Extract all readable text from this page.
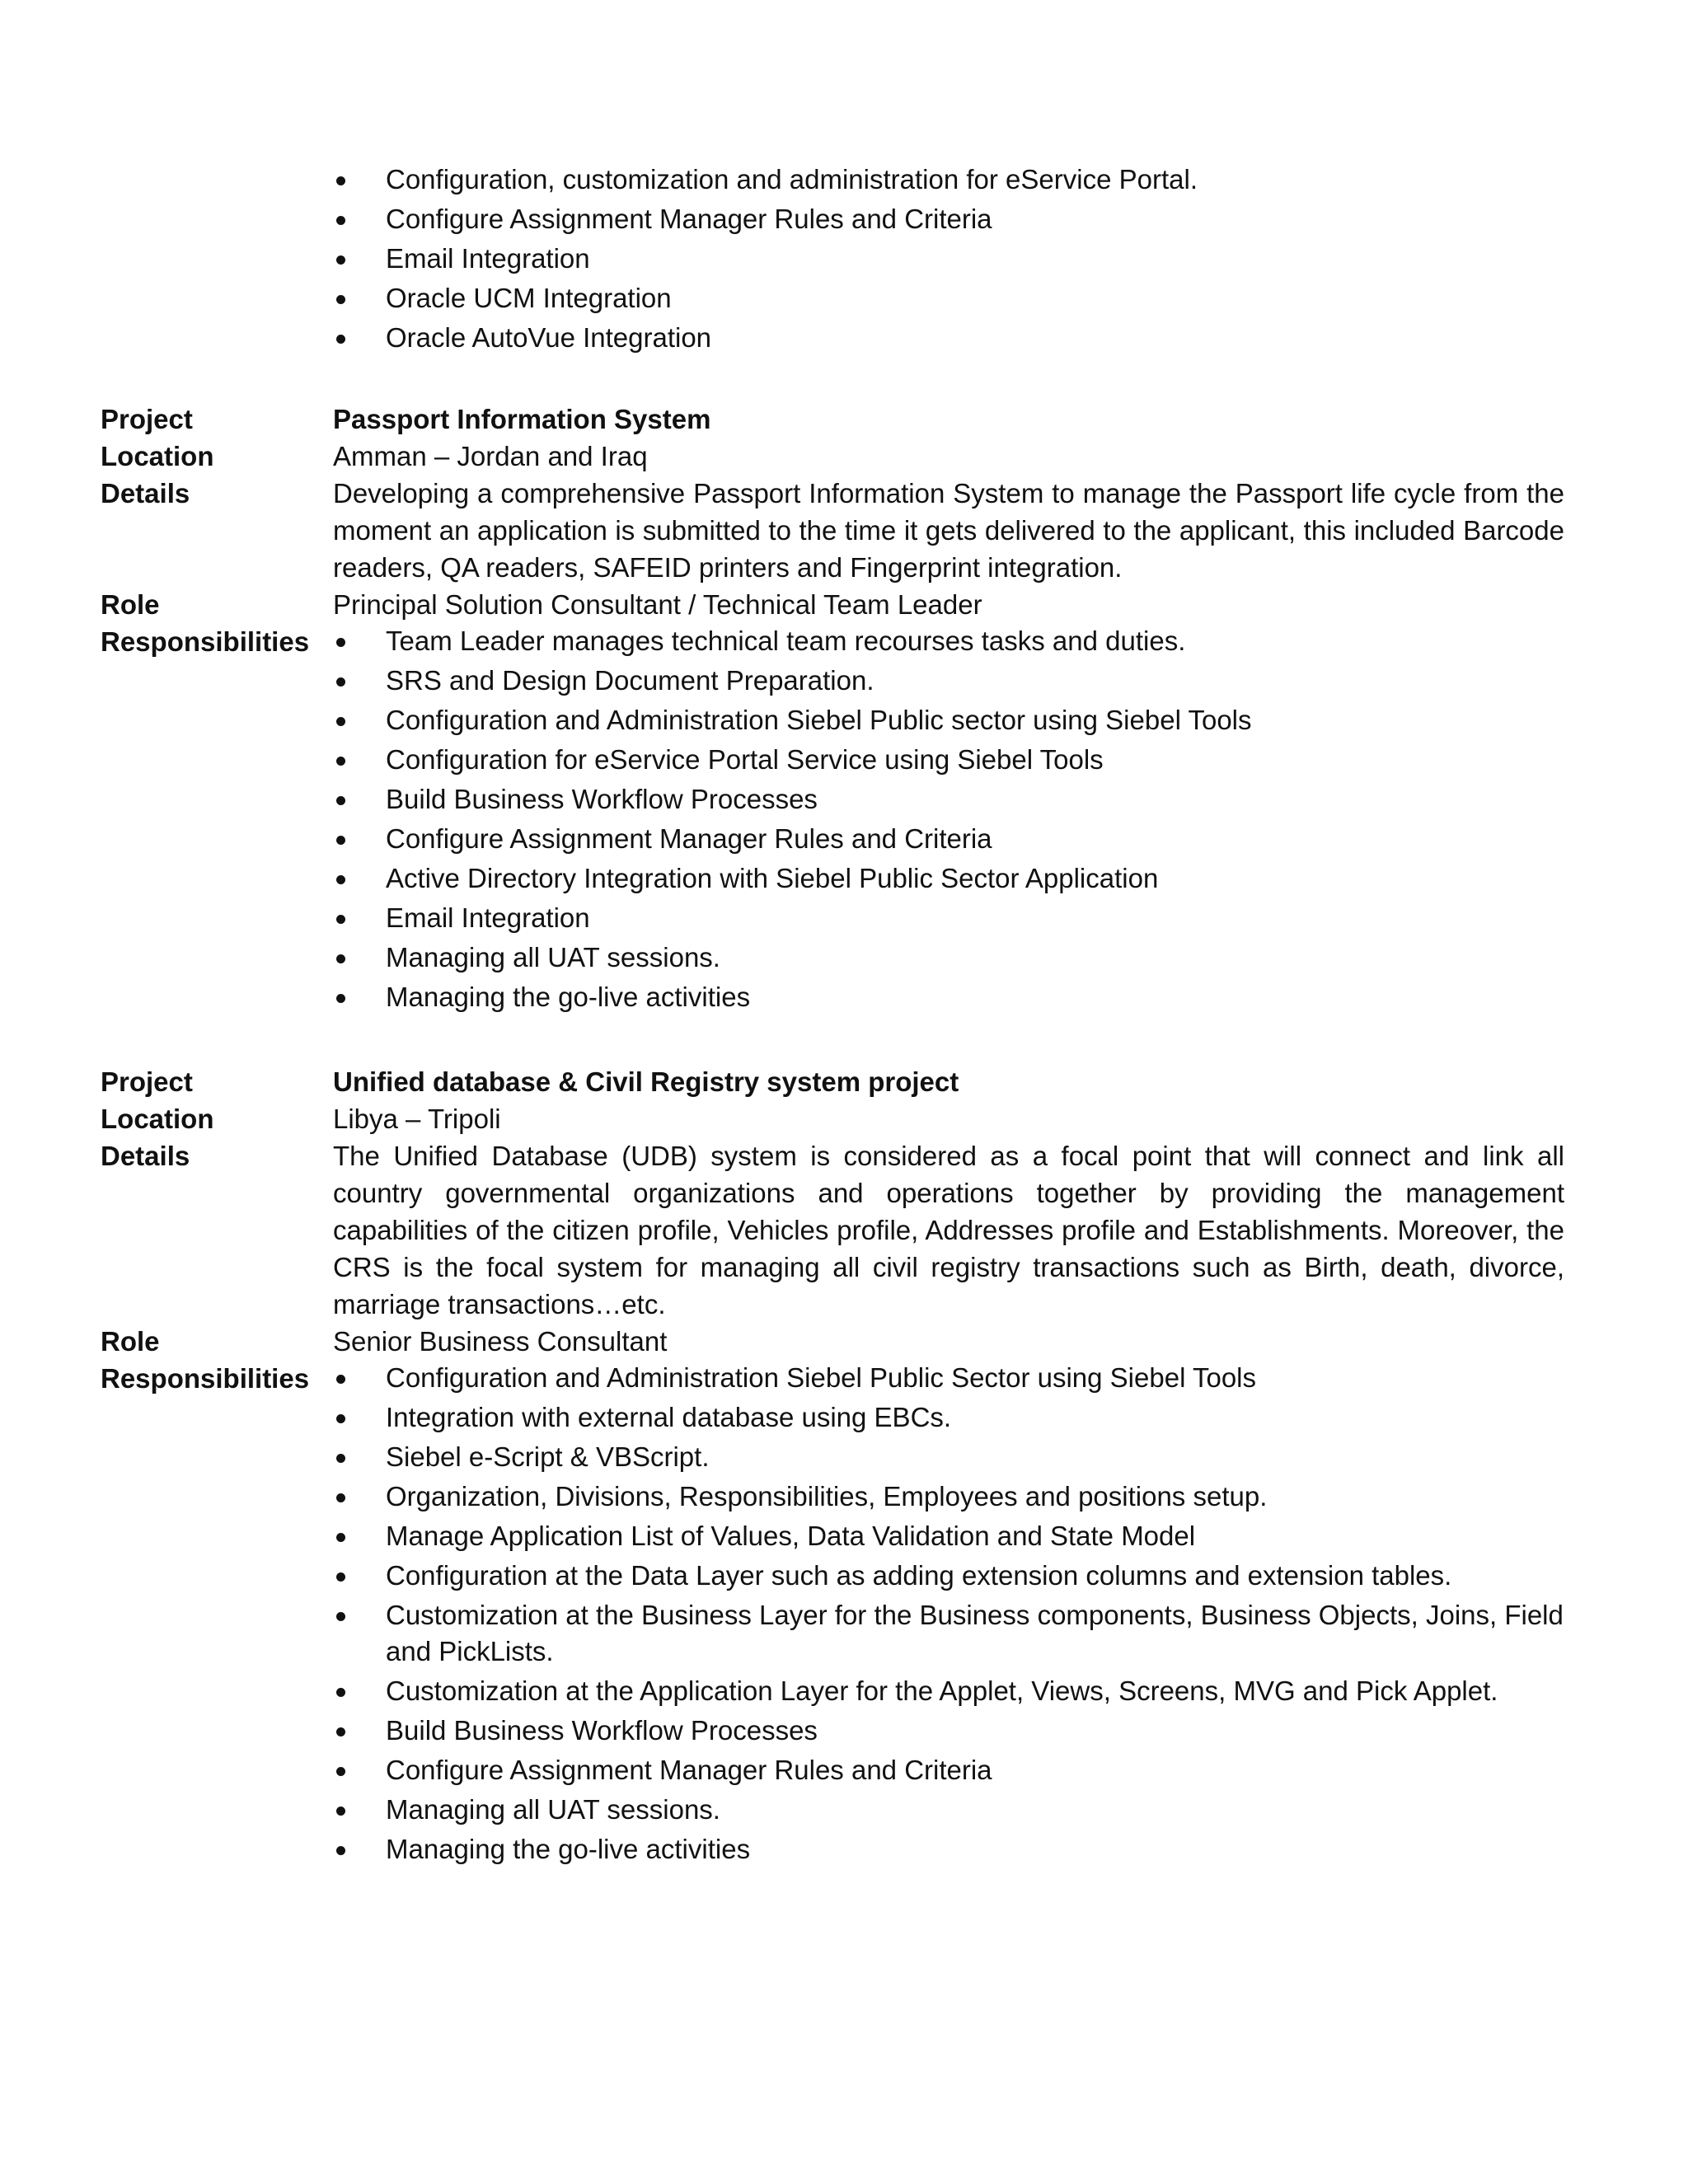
Configuration, customization and administration for eService Portal.
Configure Assignment Manager Rules and Criteria
Email Integration
Oracle UCM Integration
Oracle AutoVue Integration
Project	Passport Information System
Location	Amman – Jordan and Iraq
Details	Developing a comprehensive Passport Information System to manage the Passport life cycle from the moment an application is submitted to the time it gets delivered to the applicant, this included Barcode readers, QA readers, SAFEID printers and Fingerprint integration.
Role	Principal Solution Consultant / Technical Team Leader
Responsibilities	Team Leader manages technical team recourses tasks and duties.
SRS and Design Document Preparation.
Configuration and Administration Siebel Public sector using Siebel Tools
Configuration for eService Portal Service using Siebel Tools
Build Business Workflow Processes
Configure Assignment Manager Rules and Criteria
Active Directory Integration with Siebel Public Sector Application
Email Integration
Managing all UAT sessions.
Managing the go-live activities
Project	Unified database & Civil Registry system project
Location	Libya – Tripoli
Details	The Unified Database (UDB) system is considered as a focal point that will connect and link all country governmental organizations and operations together by providing the management capabilities of the citizen profile, Vehicles profile, Addresses profile and Establishments. Moreover, the CRS is the focal system for managing all civil registry transactions such as Birth, death, divorce, marriage transactions…etc.
Role	Senior Business Consultant
Responsibilities	Configuration and Administration Siebel Public Sector using Siebel Tools
Integration with external database using EBCs.
Siebel e-Script & VBScript.
Organization, Divisions, Responsibilities, Employees and positions setup.
Manage Application List of Values, Data Validation and State Model
Configuration at the Data Layer such as adding extension columns and extension tables.
Customization at the Business Layer for the Business components, Business Objects, Joins, Field and PickLists.
Customization at the Application Layer for the Applet, Views, Screens, MVG and Pick Applet.
Build Business Workflow Processes
Configure Assignment Manager Rules and Criteria
Managing all UAT sessions.
Managing the go-live activities
